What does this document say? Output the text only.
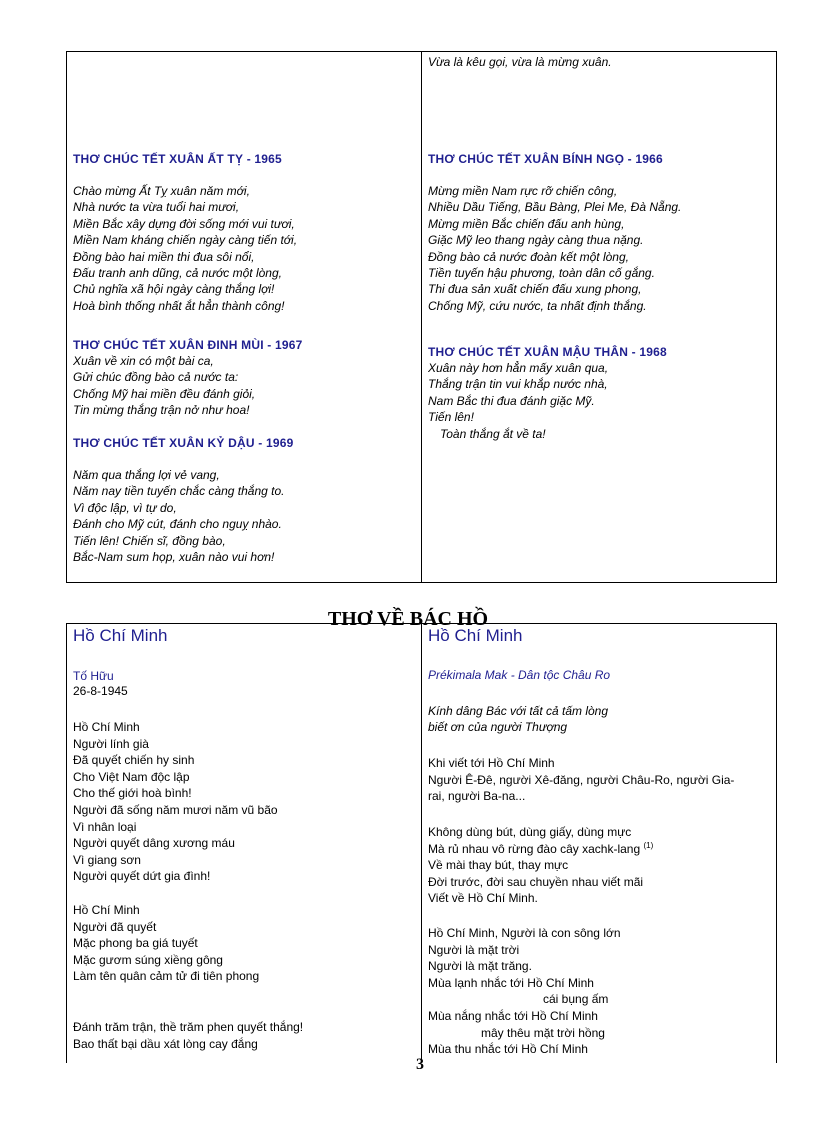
THƠ CHÚC TẾT XUÂN ẤT TỴ - 1965
Chào mừng Ất Tỵ xuân năm mới,
Nhà nước ta vừa tuổi hai mươi,
Miền Bắc xây dựng đời sống mới vui tươi,
Miền Nam kháng chiến ngày càng tiến tới,
Đồng bào hai miền thi đua sôi nổi,
Đấu tranh anh dũng, cả nước một lòng,
Chủ nghĩa xã hội ngày càng thắng lợi!
Hoà bình thống nhất ắt hẳn thành công!
THƠ CHÚC TẾT XUÂN ĐINH MÙI - 1967
Xuân về xin có một bài ca,
Gửi chúc đồng bào cả nước ta:
Chống Mỹ hai miền đều đánh giỏi,
Tin mừng thắng trận nở như hoa!
THƠ CHÚC TẾT XUÂN KỶ DẬU - 1969
Năm qua thắng lợi vẻ vang,
Năm nay tiền tuyến chắc càng thắng to.
Vì độc lập, vì tự do,
Đánh cho Mỹ cút, đánh cho nguỵ nhào.
Tiến lên! Chiến sĩ, đồng bào,
Bắc-Nam sum họp, xuân nào vui hơn!
Vừa là kêu gọi, vừa là mừng xuân.
THƠ CHÚC TẾT XUÂN BÍNH NGỌ - 1966
Mừng miền Nam rực rỡ chiến công,
Nhiều Dầu Tiếng, Bầu Bàng, Plei Me, Đà Nẵng.
Mừng miền Bắc chiến đấu anh hùng,
Giặc Mỹ leo thang ngày càng thua nặng.
Đồng bào cả nước đoàn kết một lòng,
Tiền tuyến hậu phương, toàn dân cố gắng.
Thi đua sản xuất chiến đấu xung phong,
Chống Mỹ, cứu nước, ta nhất định thắng.
THƠ CHÚC TẾT XUÂN MẬU THÂN - 1968
Xuân này hơn hẳn mấy xuân qua,
Thắng trận tin vui khắp nước nhà,
Nam Bắc thi đua đánh giặc Mỹ.
Tiến lên!
Toàn thắng ắt về ta!
THƠ VỀ BÁC HỒ
Hồ Chí Minh
Tố Hữu
26-8-1945
Hồ Chí Minh
Người lính già
Đã quyết chiến hy sinh
Cho Việt Nam độc lập
Cho thế giới hoà bình!
Người đã sống năm mươi năm vũ bão
Vì nhân loại
Người quyết dâng xương máu
Vì giang sơn
Người quyết dứt gia đình!
Hồ Chí Minh
Người đã quyết
Mặc phong ba giá tuyết
Mặc gươm súng xiềng gông
Làm tên quân cảm tử đi tiên phong
Đánh trăm trận, thề trăm phen quyết thắng!
Bao thất bại dầu xát lòng cay đắng
Hồ Chí Minh
Prékimala Mak - Dân tộc Châu Ro
Kính dâng Bác với tất cả tấm lòng
biết ơn của người Thượng
Khi viết tới Hồ Chí Minh
Người Ê-Đê, người Xê-đăng, người Châu-Ro, người Gia-
rai, người Ba-na...
Không dùng bút, dùng giấy, dùng mực
Mà rủ nhau vô rừng đào cây xachk-lang $^{(1)}$
Về mài thay bút, thay mực
Đời trước, đời sau chuyền nhau viết mãi
Viết về Hồ Chí Minh.
Hồ Chí Minh, Người là con sông lớn
Người là mặt trời
Người là mặt trăng.
Mùa lạnh nhắc tới Hồ Chí Minh
cái bụng ấm
Mùa nắng nhắc tới Hồ Chí Minh
mây thêu mặt trời hồng
Mùa thu nhắc tới Hồ Chí Minh
3
